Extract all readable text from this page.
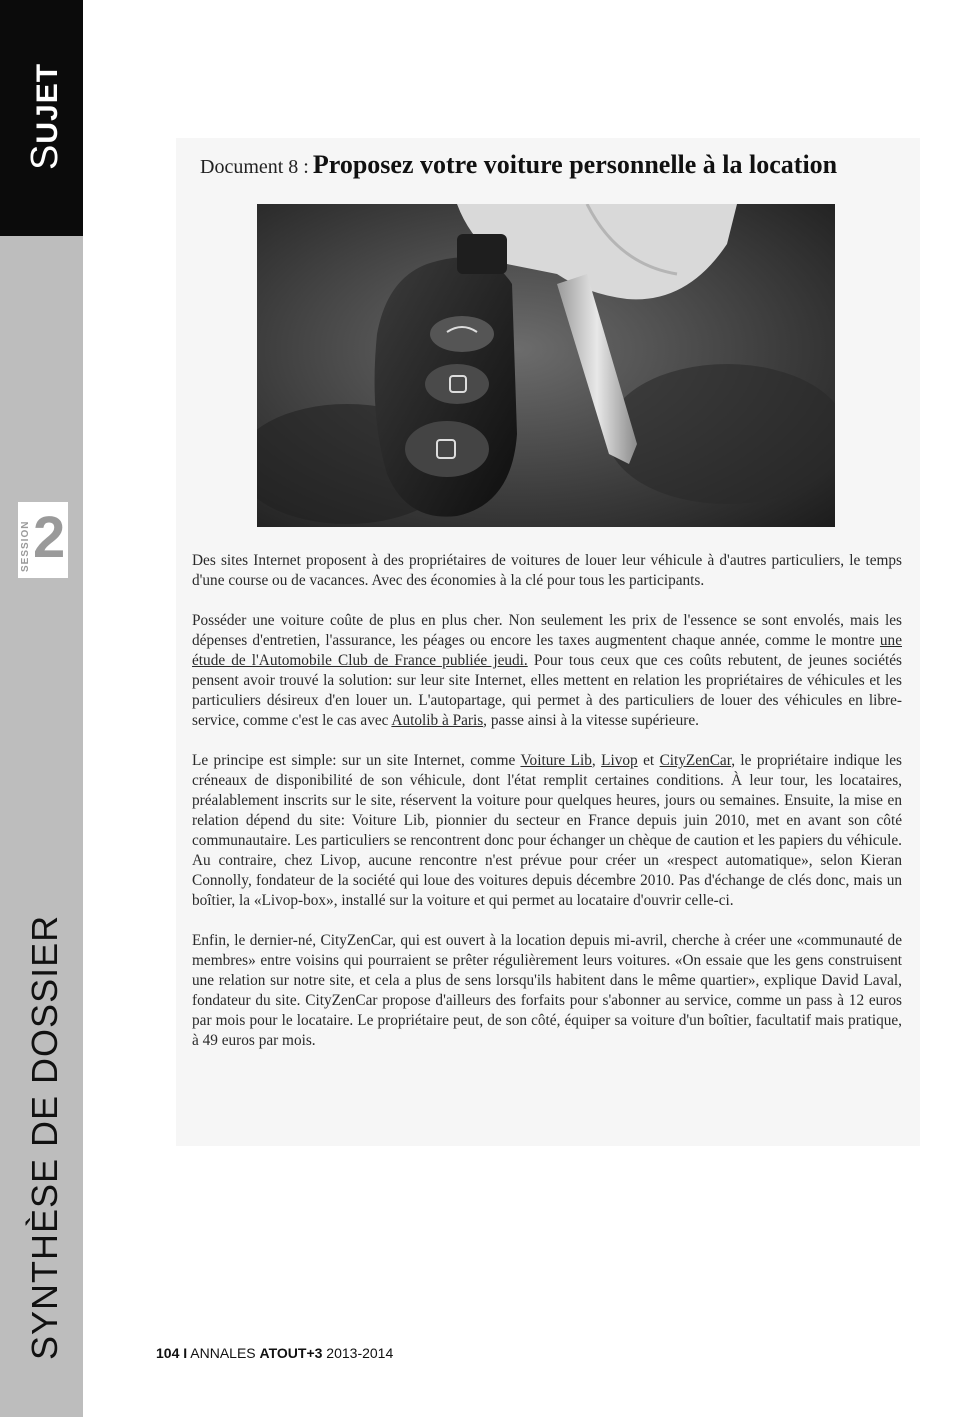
SUJET
SESSION 2
SYNTHÈSE DE DOSSIER
Document 8 : Proposez votre voiture personnelle à la location

Des sites Internet proposent à des propriétaires de voitures de louer leur véhicule à d'autres particuliers, le temps d'une course ou de vacances. Avec des économies à la clé pour tous les participants.

Posséder une voiture coûte de plus en plus cher. Non seulement les prix de l'essence se sont envolés, mais les dépenses d'entretien, l'assurance, les péages ou encore les taxes augmentent chaque année, comme le montre une étude de l'Automobile Club de France publiée jeudi. Pour tous ceux que ces coûts rebutent, de jeunes sociétés pensent avoir trouvé la solution: sur leur site Internet, elles mettent en relation les propriétaires de véhicules et les particuliers désireux d'en louer un. L'autopartage, qui permet à des particuliers de louer des véhicules en libre-service, comme c'est le cas avec Autolib à Paris, passe ainsi à la vitesse supérieure.

Le principe est simple: sur un site Internet, comme Voiture Lib, Livop et CityZenCar, le propriétaire indique les créneaux de disponibilité de son véhicule, dont l'état remplit certaines conditions. À leur tour, les locataires, préalablement inscrits sur le site, réservent la voiture pour quelques heures, jours ou semaines. Ensuite, la mise en relation dépend du site: Voiture Lib, pionnier du secteur en France depuis juin 2010, met en avant son côté communautaire. Les particuliers se rencontrent donc pour échanger un chèque de caution et les papiers du véhicule. Au contraire, chez Livop, aucune rencontre n'est prévue pour créer un «respect automatique», selon Kieran Connolly, fondateur de la société qui loue des voitures depuis décembre 2010. Pas d'échange de clés donc, mais un boîtier, la «Livop-box», installé sur la voiture et qui permet au locataire d'ouvrir celle-ci.

Enfin, le dernier-né, CityZenCar, qui est ouvert à la location depuis mi-avril, cherche à créer une «communauté de membres» entre voisins qui pourraient se prêter régulièrement leurs voitures. «On essaie que les gens construisent une relation sur notre site, et cela a plus de sens lorsqu'ils habitent dans le même quartier», explique David Laval, fondateur du site. CityZenCar propose d'ailleurs des forfaits pour s'abonner au service, comme un pass à 12 euros par mois pour le locataire. Le propriétaire peut, de son côté, équiper sa voiture d'un boîtier, facultatif mais pratique, à 49 euros par mois.

104 I ANNALES ATOUT+3 2013-2014
